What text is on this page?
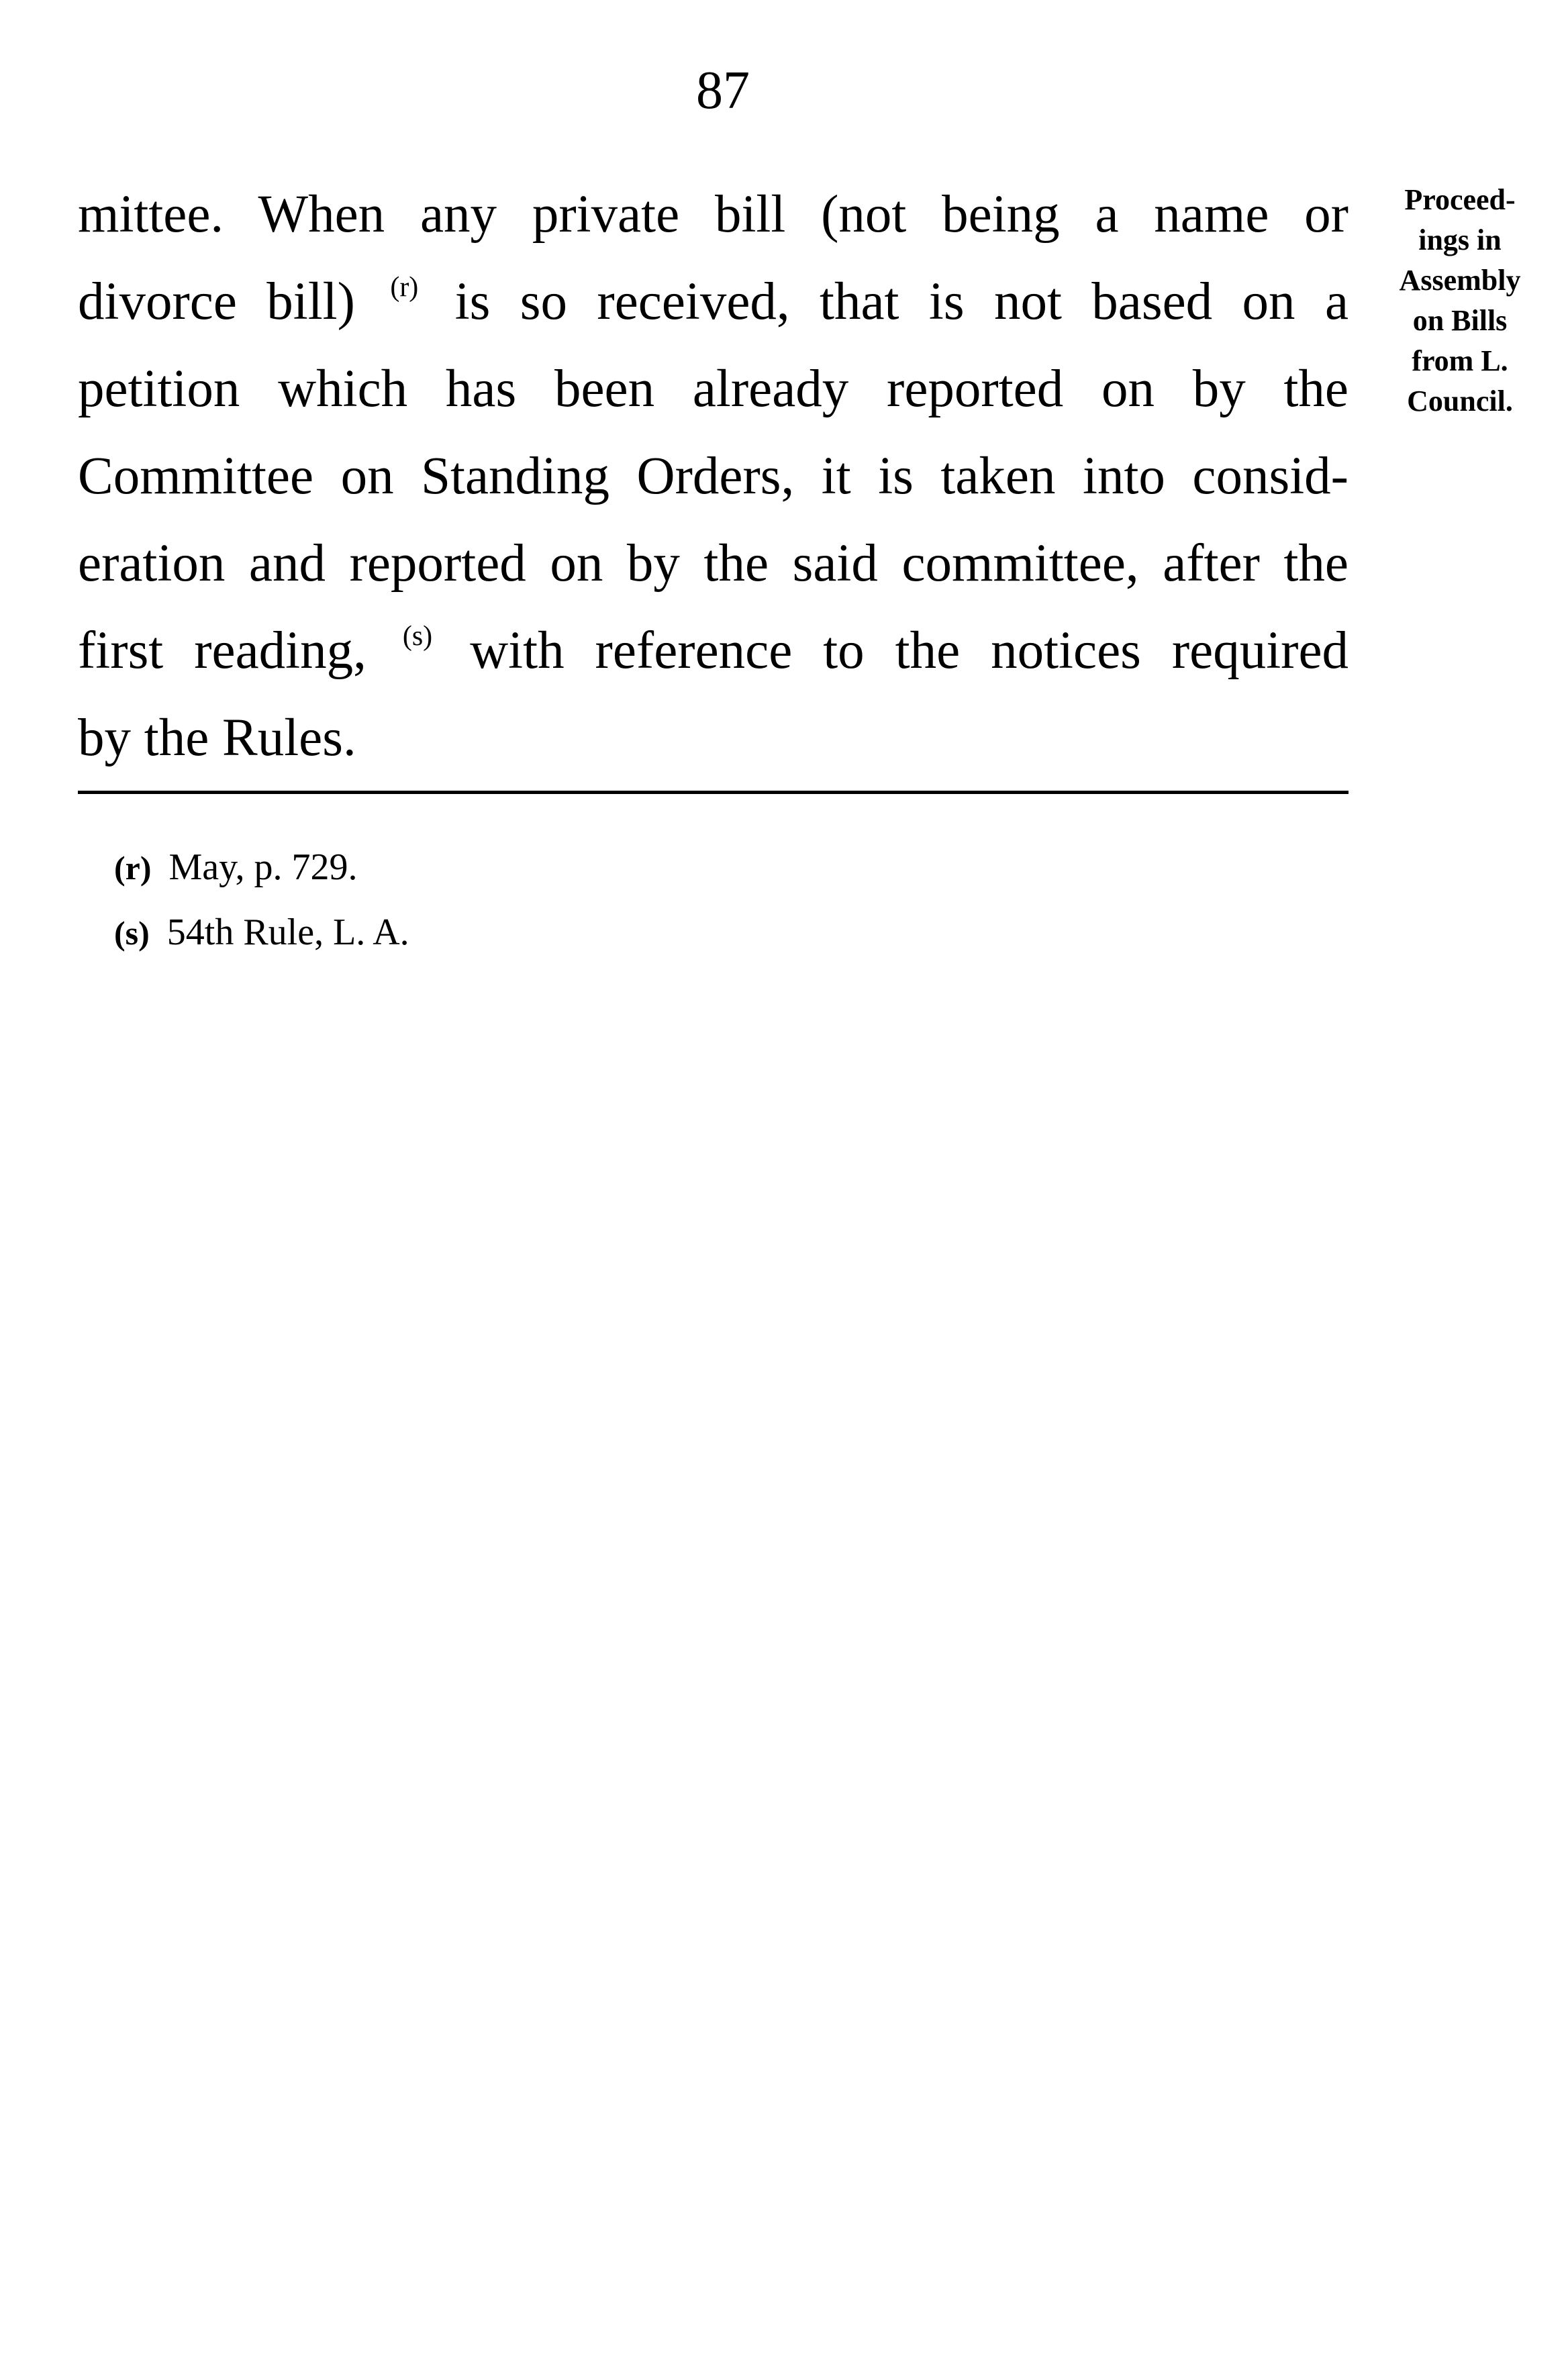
87
mittee. When any private bill (not being a name or
divorce bill) $^{(r)}$ is so received, that is not based on a
petition which has been already reported on by the
Committee on Standing Orders, it is taken into consid-
eration and reported on by the said committee, after the
first reading, $^{(s)}$ with reference to the notices required
by the Rules.
Proceed-
ings in
Assembly
on Bills
from L.
Council.
(r) May, p. 729.
(s) 54th Rule, L. A.
